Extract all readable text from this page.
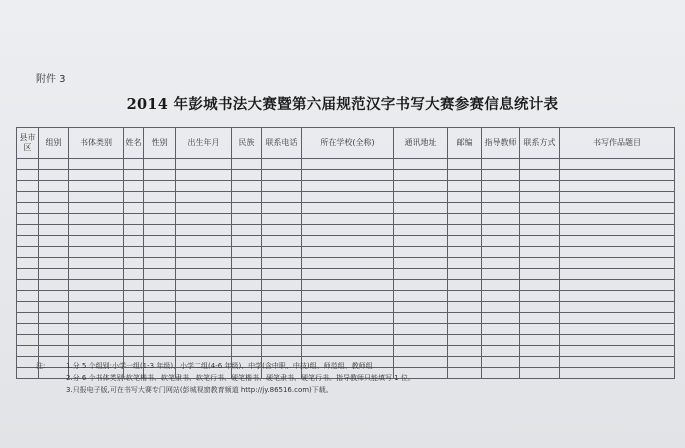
附件 3
2014 年彭城书法大赛暨第六届规范汉字书写大赛参赛信息统计表
县市区	组别	书体类别	姓名	性别	出生年月	民族	联系电话	所在学校(全称)	通讯地址	邮编	指导教师	联系方式	书写作品题目

注:	1.分 5 个组别:小学一组(1-3 年级)、小学二组(4-6 年级)、中学(含中职、中技)组、师范组、教师组
2.分 6 个书体类别:软笔楷书、软笔隶书、软笔行书、硬笔楷书、硬笔隶书、硬笔行书。指导教师只能填写 1 位。
3.只报电子版,可在书写大赛专门网站(彭城视窗教育频道 http://jy.86516.com)下载。
